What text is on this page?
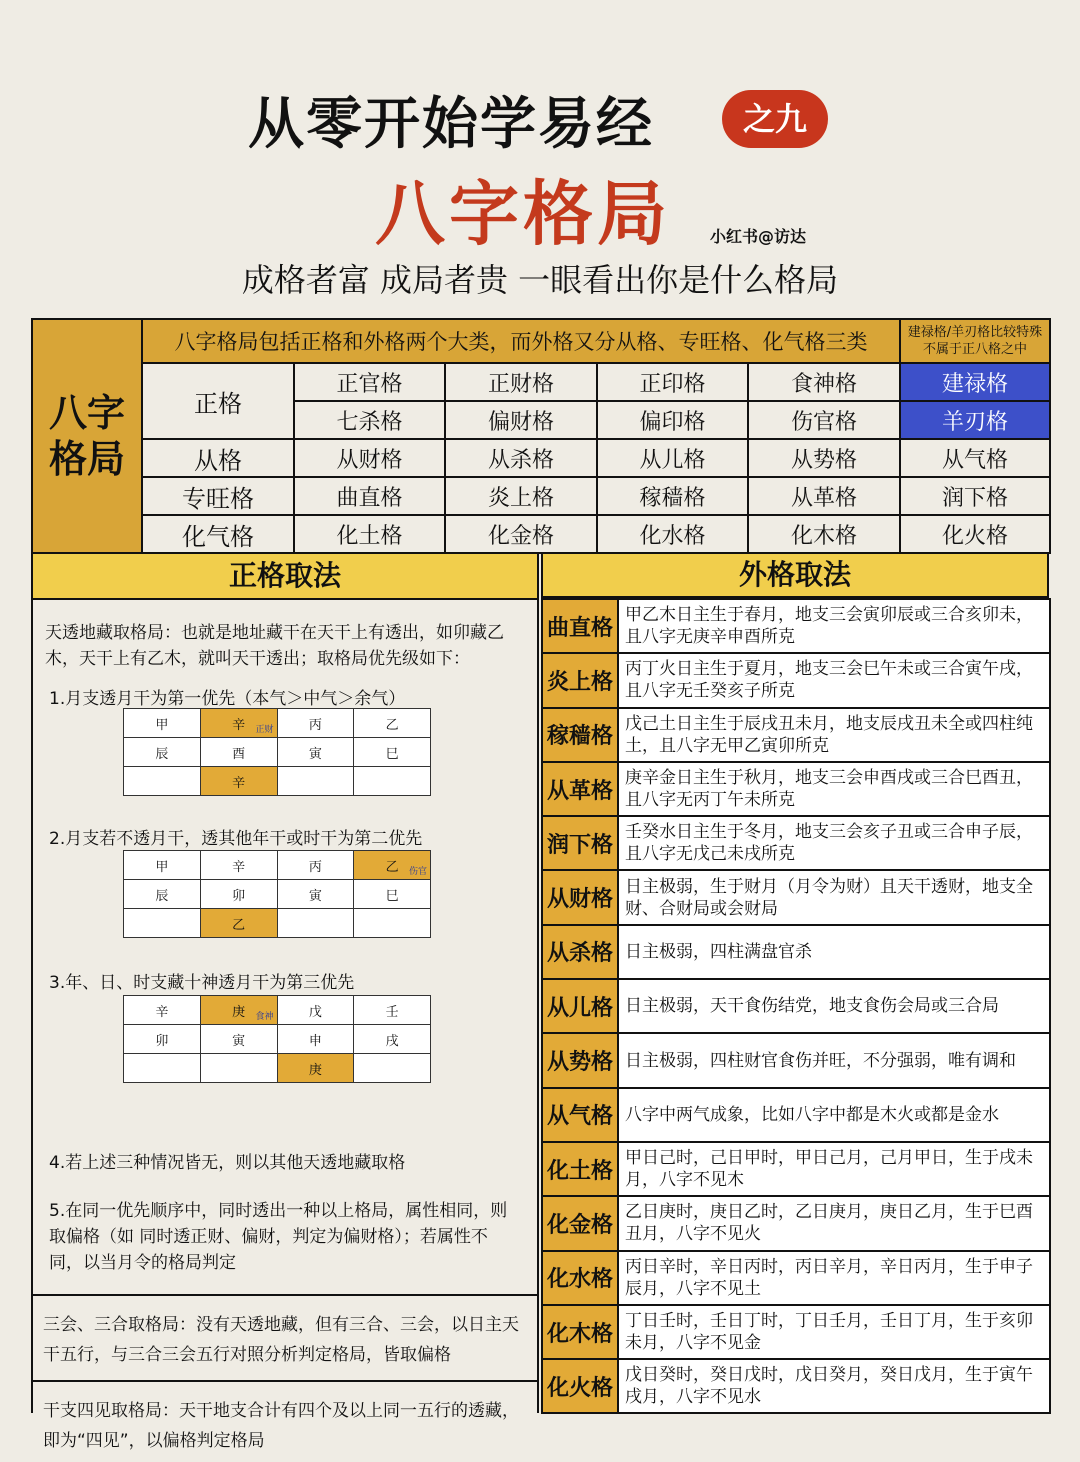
从零开始学易经	之九
八字格局 小红书@访达
成格者富 成局者贵 一眼看出你是什么格局
八字
格局	八字格局包括正格和外格两个大类，而外格又分从格、专旺格、化气格三类					建禄格/羊刃格比较特殊
不属于正八格之中
	正格	正官格	正财格	正印格	食神格	建禄格
		七杀格	偏财格	偏印格	伤官格	羊刃格
	从格	从财格	从杀格	从儿格	从势格	从气格
	专旺格	曲直格	炎上格	稼穑格	从革格	润下格
	化气格	化土格	化金格	化水格	化木格	化火格
正格取法
天透地藏取格局：也就是地址藏干在天干上有透出，如卯藏乙木，天干上有乙木，就叫天干透出；取格局优先级如下：
1.月支透月干为第一优先（本气＞中气＞余气）
甲	辛 正财	丙	乙
辰	酉	寅	巳
	辛		
2.月支若不透月干，透其他年干或时干为第二优先
甲	辛	丙	乙 伤官

辰	卯	寅	巳
	乙		
3.年、日、时支藏十神透月干为第三优先
辛	庚 食神	戊	壬
卯	寅	申	戌
		庚	
4.若上述三种情况皆无，则以其他天透地藏取格
5.在同一优先顺序中，同时透出一种以上格局，属性相同，则取偏格（如 同时透正财、偏财，判定为偏财格）；若属性不同，以当月令的格局判定
三会、三合取格局：没有天透地藏，但有三合、三会，以日主天干五行，与三合三会五行对照分析判定格局，皆取偏格
干支四见取格局：天干地支合计有四个及以上同一五行的透藏，即为“四见”，以偏格判定格局
外格取法
曲直格	甲乙木日主生于春月，地支三会寅卯辰或三合亥卯未，且八字无庚辛申酉所克
炎上格	丙丁火日主生于夏月，地支三会巳午未或三合寅午戌，且八字无壬癸亥子所克
稼穑格	戊己土日主生于辰戌丑未月，地支辰戌丑未全或四柱纯土，且八字无甲乙寅卯所克
从革格	庚辛金日主生于秋月，地支三会申酉戌或三合巳酉丑，且八字无丙丁午未所克
润下格	壬癸水日主生于冬月，地支三会亥子丑或三合申子辰，且八字无戊己未戌所克
从财格	日主极弱，生于财月（月令为财）且天干透财，地支全财、合财局或会财局
从杀格	日主极弱，四柱满盘官杀
从儿格	日主极弱，天干食伤结党，地支食伤会局或三合局
从势格	日主极弱，四柱财官食伤并旺，不分强弱，唯有调和
从气格	八字中两气成象，比如八字中都是木火或都是金水
化土格	甲日己时，己日甲时，甲日己月，己月甲日，生于戌未月，八字不见木
化金格	乙日庚时，庚日乙时，乙日庚月，庚日乙月，生于巳酉丑月，八字不见火
化水格	丙日辛时，辛日丙时，丙日辛月，辛日丙月，生于申子辰月，八字不见土
化木格	丁日壬时，壬日丁时，丁日壬月，壬日丁月，生于亥卯未月，八字不见金
化火格	戊日癸时，癸日戊时，戊日癸月，癸日戊月，生于寅午戌月，八字不见水
